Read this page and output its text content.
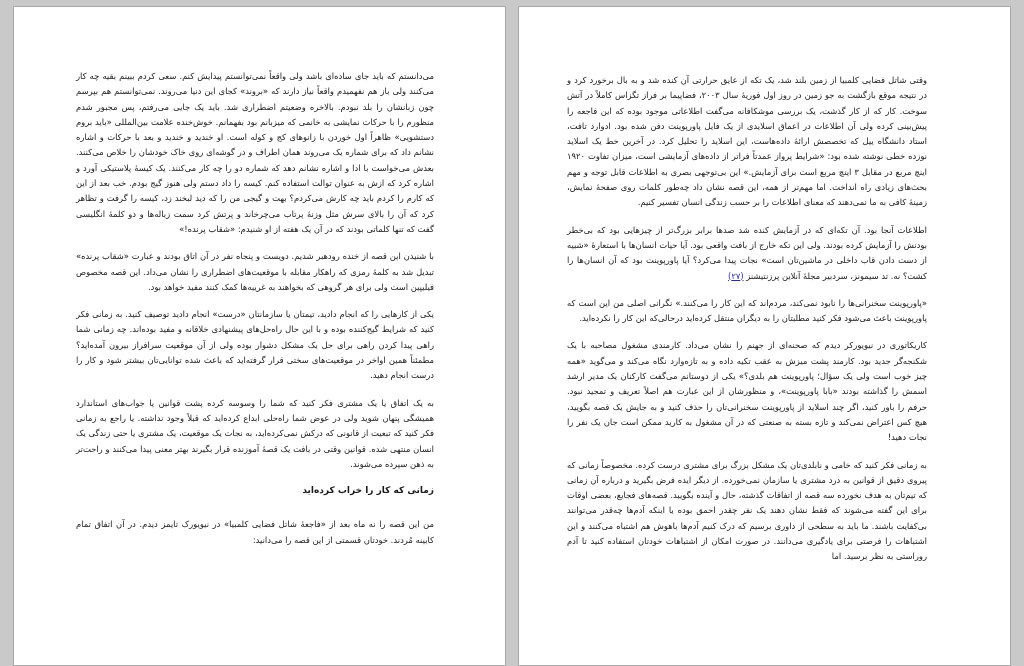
می‌دانستم که باید جای ساده‌ای باشد ولی واقعاً نمی‌توانستم پیدایش کنم. سعی کردم ببینم بقیه چه کار می‌کنند ولی باز هم نفهمیدم واقعاً نیاز دارند که «بروند» کجای این دنیا می‌روند. نمی‌توانستم هم بپرسم چون زبانشان را بلد نبودم. بالاخره وضعیتم اضطراری شد. باید یک جایی می‌رفتم، پس مجبور شدم منظورم را با حرکات نمایشی به خانمی که میزبانم بود بفهمانم. خوش‌خنده علامت بین‌المللی «باید بروم دستشویی» ظاهراً اول خوردن با زانوهای کج و کوله است. او خندید و خندید و بعد با حرکات و اشاره نشانم داد که برای شماره یک می‌روند همان اطراف و در گوشه‌ای روی خاک خودشان را خلاص می‌کنند. بعدش می‌خواست با ادا و اشاره نشانم دهد که شماره دو را چه کار می‌کنند. یک کیسهٔ پلاستیکی آورد و اشاره کرد که ازش به عنوان توالت استفاده کنم. کیسه را داد دستم ولی هنوز گیج بودم. خب بعد از این که کارم را کردم باید چه کارش می‌کردم؟ بهت و گیجی من را که دید لبخند زد، کیسه را گرفت و تظاهر کرد که آن را بالای سرش مثل وزنهٔ پرتاب می‌چرخاند و پرتش کرد سمت زباله‌ها و دو کلمهٔ انگلیسی گفت که تنها کلماتی بودند که در آن یک هفته از او شنیدم: «شقاب پرنده!»

با شنیدن این قصه از خنده رودهبر شدیم. دویست و پنجاه نفر در آن اتاق بودند و عبارت «شقاب پرنده» تبدیل شد به کلمهٔ رمزی که راهکار مقابله با موقعیت‌های اضطراری را نشان می‌داد. این قصه مخصوص فیلیپین است ولی برای هر گروهی که بخواهند به غریبه‌ها کمک کنند مفید خواهد بود.

یکی از کارهایی را که انجام دادید، تیمتان یا سازمانتان «درست» انجام دادید توصیف کنید. به زمانی فکر کنید که شرایط گیج‌کننده بوده و با این حال راه‌حل‌های پیشنهادی خلاقانه و مفید بوده‌اند. چه زمانی شما راهی پیدا کردن راهی برای حل یک مشکل دشوار بوده ولی از آن موقعیت سرافراز بیرون آمده‌اید؟ مطمئناً همین اواخر در موقعیت‌های سختی قرار گرفته‌اید که باعث شده توانایی‌تان بیشتر شود و کار را درست انجام دهید.

به یک اتفاق یا یک مشتری فکر کنید که شما را وسوسه کرده پشت قوانین یا جواب‌های استاندارد همیشگی پنهان شوید ولی در عوض شما راه‌حلی ابداع کرده‌اید که قبلاً وجود نداشته. یا راجع به زمانی فکر کنید که تبعیت از قانونی که درکش نمی‌کرده‌اید، به نجات یک موقعیت، یک مشتری یا حتی زندگی یک انسان منتهی شده. قوانین وقتی در بافت یک قصهٔ آموزنده قرار بگیرند بهتر معنی پیدا می‌کنند و راحت‌تر به ذهن سپرده می‌شوند.

زمانی که کار را خراب کرده‌اید

من این قصه را نه ماه بعد از «فاجعهٔ شاتل فضایی کلمبیا» در نیویورک تایمز دیدم. در آن اتفاق تمام کابینه مُردند. خودتان قسمتی از این قصه را می‌دانید:

وقتی شاتل فضایی کلمبیا از زمین بلند شد، یک تکه از عایق حرارتی آن کنده شد و به بال برخورد کرد و در نتیجه موقع بازگشت به جو زمین در روز اول فوریهٔ سال ۲۰۰۳، فضاپیما بر فراز تگزاس کاملاً در آتش سوخت. کار که از کار گذشت، یک بررسی موشکافانه می‌گفت اطلاعاتی موجود بوده که این فاجعه را پیش‌بینی کرده ولی آن اطلاعات در اعماق اسلایدی از یک فایل پاورپوینت دفن شده بود. ادوارد تافت، استاد دانشگاه ییل که تخصصش ارائهٔ داده‌هاست، این اسلاید را تحلیل کرد. در آخرین خط یک اسلاید نوزده خطی نوشته شده بود: «شرایط پرواز عمدتاً فراتر از داده‌های آزمایشی است، میزان تفاوت ۱۹۲۰ اینچ مربع در مقابل ۳ اینچ مربع است برای آزمایش.» این بی‌توجهی بصری به اطلاعات قابل توجه و مهم بحث‌های زیادی راه انداخت. اما مهم‌تر از همه، این قصه نشان داد چه‌طور کلمات روی صفحهٔ نمایش، زمینهٔ کافی به ما نمی‌دهند که معنای اطلاعات را بر حسب زندگی انسان تفسیر کنیم.

اطلاعات آنجا بود. آن تکه‌ای که در آزمایش کنده شد صدها برابر بزرگ‌تر از چیزهایی بود که بی‌خطر بودنش را آزمایش کرده بودند. ولی این تکه خارج از بافت واقعی بود. آیا حیات انسان‌ها با استعارهٔ «شبیه از دست دادن قاب داخلی در ماشین‌تان است» نجات پیدا می‌کرد؟ آیا پاورپوینت بود که آن انسان‌ها را کشت؟ نه. تد سیمونز، سردبیر مجلهٔ آنلاین پرزنتیشنز (۲۷)

«پاورپوینت سخنرانی‌ها را نابود نمی‌کند، مردم‌اند که این کار را می‌کنند.» نگرانی اصلی من این است که پاورپوینت باعث می‌شود فکر کنید مطلبتان را به دیگران منتقل کرده‌اید درحالی‌که این کار را نکرده‌اید.

کاریکاتوری در نیویورکر دیدم که صحنه‌ای از جهنم را نشان می‌داد. کارمندی مشغول مصاحبه با یک شکنجه‌گر جدید بود. کارمند پشت میزش به عقب تکیه داده و به تازه‌وارد نگاه می‌کند و می‌گوید «همه چیز خوب است ولی یک سؤال؛ پاورپوینت هم بلدی؟» یکی از دوستانم می‌گفت کارکنان یک مدیر ارشد اسمش را گذاشته بودند «بابا پاورپوینت»، و منظورشان از این عبارت هم اصلاً تعریف و تمجید نبود. حرفم را باور کنید، اگر چند اسلاید از پاورپوینت سخنرانی‌تان را حذف کنید و به جایش یک قصه بگویید، هیچ کس اعتراض نمی‌کند و تازه بسته به صنعتی که در آن مشغول به کارید ممکن است جان یک نفر را نجات دهید!

به زمانی فکر کنید که خامی و نابلدی‌تان یک مشکل بزرگ برای مشتری درست کرده. مخصوصاً زمانی که پیروی دقیق از قوانین به درد مشتری یا سازمان نمی‌خورده. از دیگر ایده فرض بگیرید و درباره آن زمانی که تیم‌تان به هدف نخورده سه قصه از اتفاقات گذشته، حال و آینده بگویید. قصه‌های فجایع، بعضی اوقات برای این گفته می‌شوند که فقط نشان دهند یک نفر چقدر احمق بوده یا اینکه آدم‌ها چه‌قدر می‌توانند بی‌کفایت باشند. ما باید به سطحی از داوری برسیم که درک کنیم آدم‌ها باهوش هم اشتباه می‌کنند و این اشتباهات را فرصتی برای یادگیری می‌دانند. در صورت امکان از اشتباهات خودتان استفاده کنید تا آدم روراستی به نظر برسید. اما
